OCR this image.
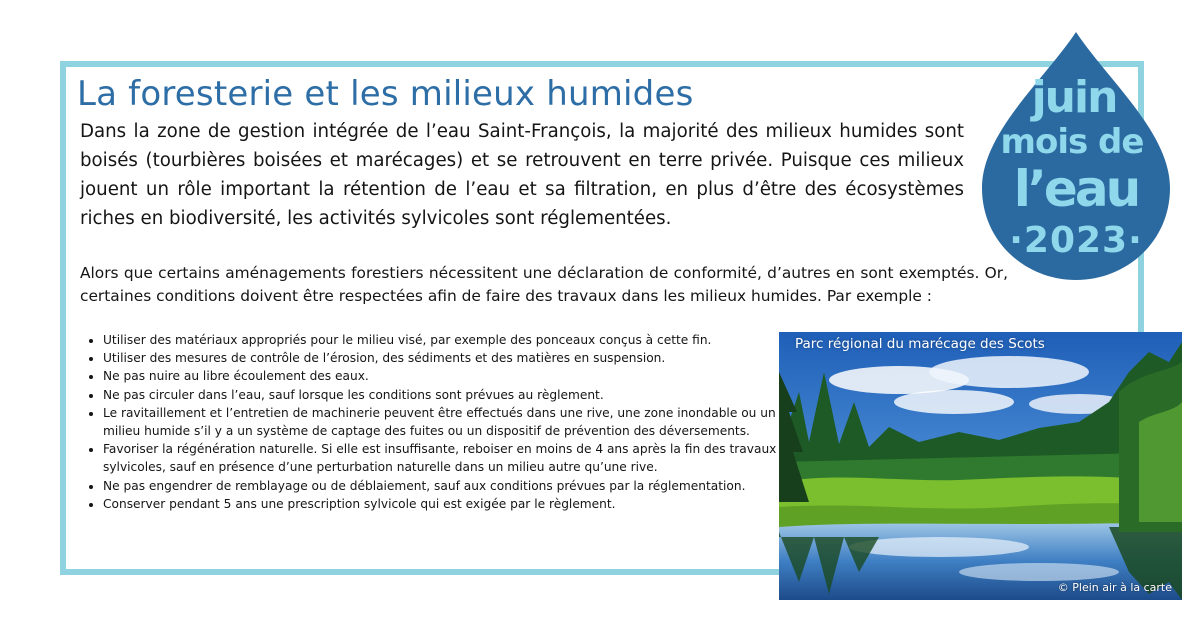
La foresterie et les milieux humides
Dans la zone de gestion intégrée de l’eau Saint-François, la majorité des milieux humides sont boisés (tourbières boisées et marécages) et se retrouvent en terre privée. Puisque ces milieux jouent un rôle important la rétention de l’eau et sa filtration, en plus d’être des écosystèmes riches en biodiversité, les activités sylvicoles sont réglementées.
Alors que certains aménagements forestiers nécessitent une déclaration de conformité, d’autres en sont exemptés. Or, certaines conditions doivent être respectées afin de faire des travaux dans les milieux humides. Par exemple :
• Utiliser des matériaux appropriés pour le milieu visé, par exemple des ponceaux conçus à cette fin.
• Utiliser des mesures de contrôle de l’érosion, des sédiments et des matières en suspension.
• Ne pas nuire au libre écoulement des eaux.
• Ne pas circuler dans l’eau, sauf lorsque les conditions sont prévues au règlement.
• Le ravitaillement et l’entretien de machinerie peuvent être effectués dans une rive, une zone inondable ou un milieu humide s’il y a un système de captage des fuites ou un dispositif de prévention des déversements.
• Favoriser la régénération naturelle. Si elle est insuffisante, reboiser en moins de 4 ans après la fin des travaux sylvicoles, sauf en présence d’une perturbation naturelle dans un milieu autre qu’une rive.
• Ne pas engendrer de remblayage ou de déblaiement, sauf aux conditions prévues par la réglementation.
• Conserver pendant 5 ans une prescription sylvicole qui est exigée par le règlement.
Parc régional du marécage des Scots
© Plein air à la carte
juin
mois de
l’eau
·2023·
